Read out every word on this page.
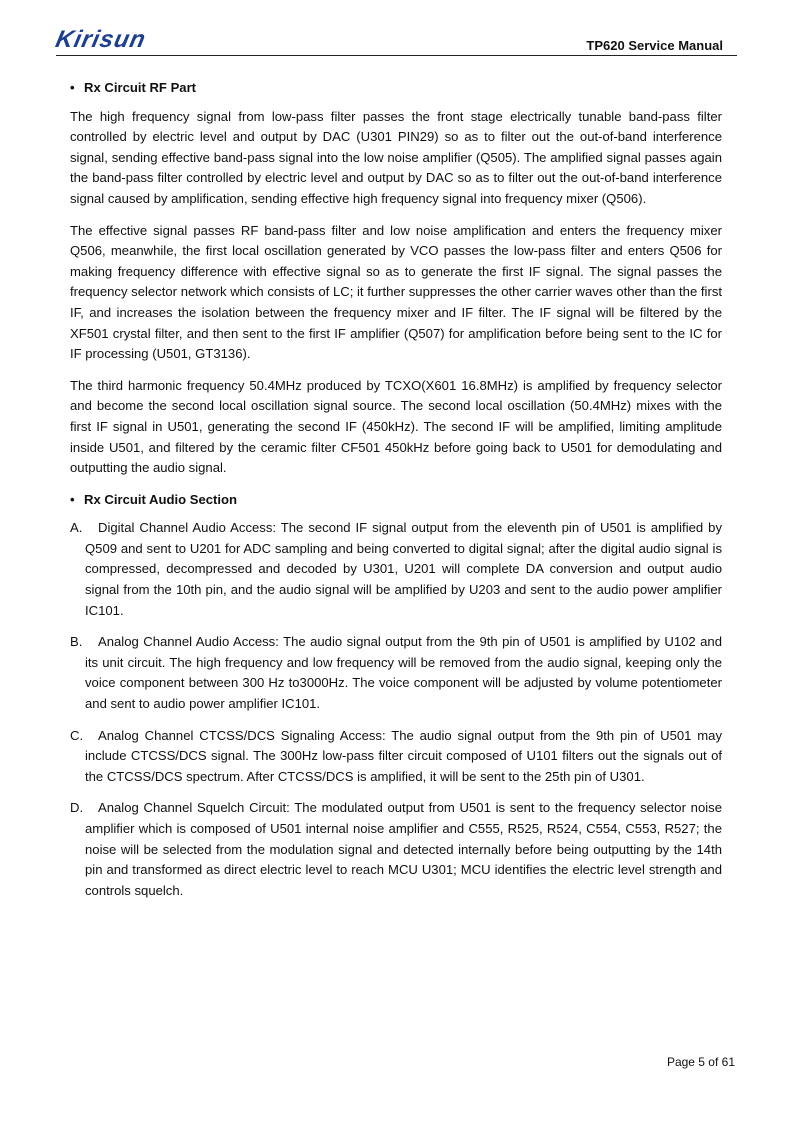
Kirisun	TP620 Service Manual
• Rx Circuit RF Part

The high frequency signal from low-pass filter passes the front stage electrically tunable band-pass filter controlled by electric level and output by DAC (U301 PIN29) so as to filter out the out-of-band interference signal, sending effective band-pass signal into the low noise amplifier (Q505). The amplified signal passes again the band-pass filter controlled by electric level and output by DAC so as to filter out the out-of-band interference signal caused by amplification, sending effective high frequency signal into frequency mixer (Q506).

The effective signal passes RF band-pass filter and low noise amplification and enters the frequency mixer Q506, meanwhile, the first local oscillation generated by VCO passes the low-pass filter and enters Q506 for making frequency difference with effective signal so as to generate the first IF signal. The signal passes the frequency selector network which consists of LC; it further suppresses the other carrier waves other than the first IF, and increases the isolation between the frequency mixer and IF filter. The IF signal will be filtered by the XF501 crystal filter, and then sent to the first IF amplifier (Q507) for amplification before being sent to the IC for IF processing (U501, GT3136).

The third harmonic frequency 50.4MHz produced by TCXO(X601 16.8MHz) is amplified by frequency selector and become the second local oscillation signal source. The second local oscillation (50.4MHz) mixes with the first IF signal in U501, generating the second IF (450kHz). The second IF will be amplified, limiting amplitude inside U501, and filtered by the ceramic filter CF501 450kHz before going back to U501 for demodulating and outputting the audio signal.

• Rx Circuit Audio Section
A. Digital Channel Audio Access: The second IF signal output from the eleventh pin of U501 is amplified by Q509 and sent to U201 for ADC sampling and being converted to digital signal; after the digital audio signal is compressed, decompressed and decoded by U301, U201 will complete DA conversion and output audio signal from the 10th pin, and the audio signal will be amplified by U203 and sent to the audio power amplifier IC101.
B. Analog Channel Audio Access: The audio signal output from the 9th pin of U501 is amplified by U102 and its unit circuit. The high frequency and low frequency will be removed from the audio signal, keeping only the voice component between 300 Hz to3000Hz. The voice component will be adjusted by volume potentiometer and sent to audio power amplifier IC101.
C. Analog Channel CTCSS/DCS Signaling Access: The audio signal output from the 9th pin of U501 may include CTCSS/DCS signal. The 300Hz low-pass filter circuit composed of U101 filters out the signals out of the CTCSS/DCS spectrum. After CTCSS/DCS is amplified, it will be sent to the 25th pin of U301.
D. Analog Channel Squelch Circuit: The modulated output from U501 is sent to the frequency selector noise amplifier which is composed of U501 internal noise amplifier and C555, R525, R524, C554, C553, R527; the noise will be selected from the modulation signal and detected internally before being outputting by the 14th pin and transformed as direct electric level to reach MCU U301; MCU identifies the electric level strength and controls squelch.
Page 5 of 61
